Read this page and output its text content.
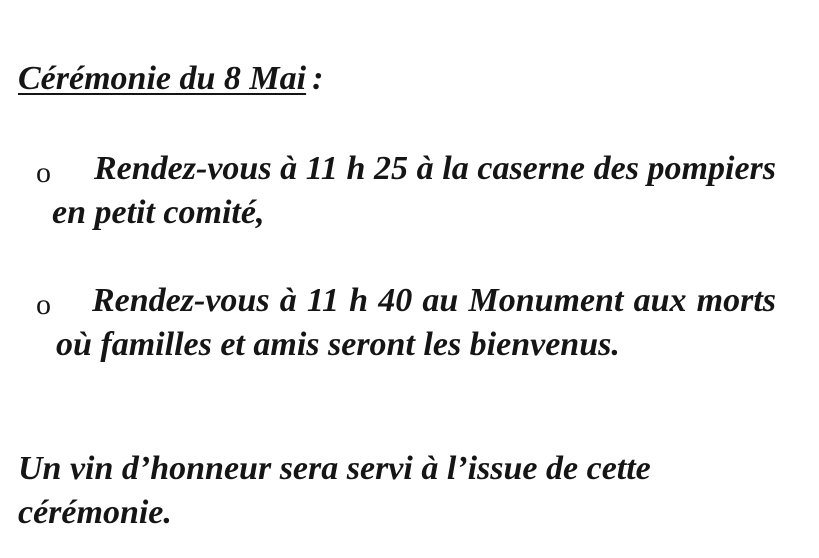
Cérémonie du 8 Mai :
o	Rendez-vous à 11 h 25 à la caserne des pompiers en petit comité,
o	Rendez-vous à 11 h 40 au Monument aux morts où familles et amis seront les bienvenus.
Un vin d’honneur sera servi à l’issue de cette cérémonie.
